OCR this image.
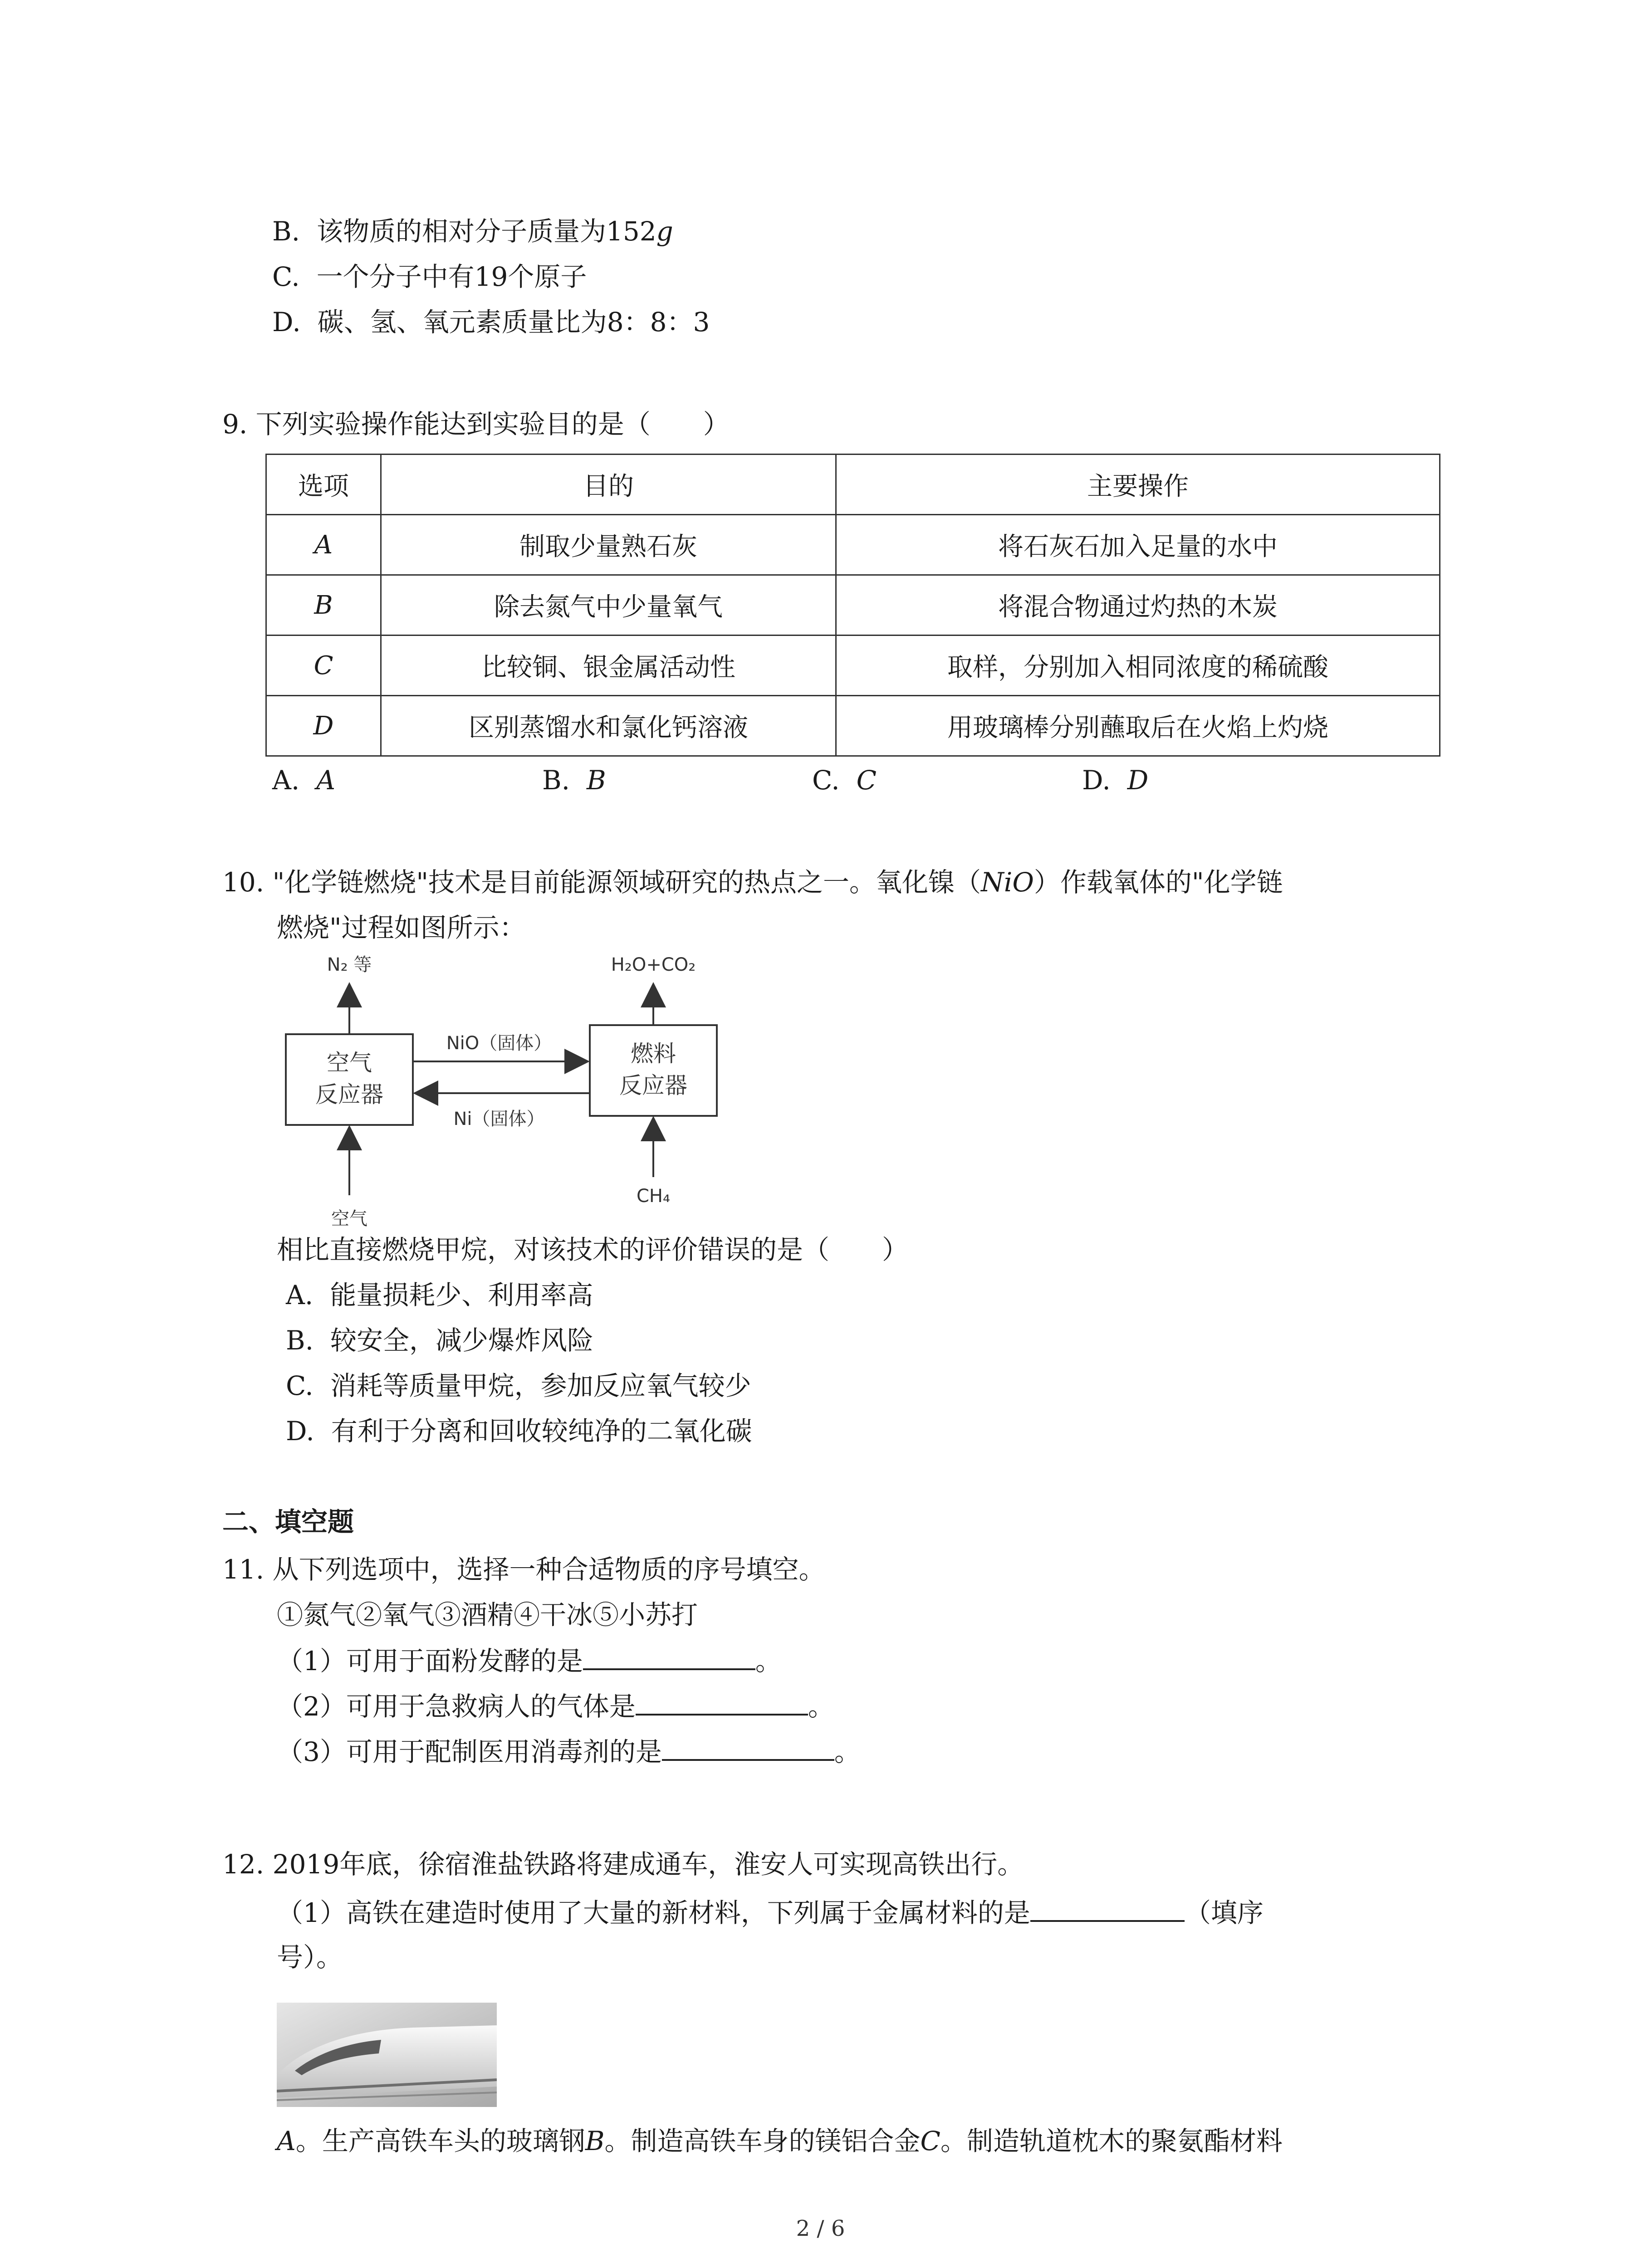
B. 该物质的相对分子质量为152g
C. 一个分子中有19个原子
D. 碳、氢、氧元素质量比为8：8：3
9. 下列实验操作能达到实验目的是（　　）
选项	目的	主要操作
A	制取少量熟石灰	将石灰石加入足量的水中
B	除去氮气中少量氧气	将混合物通过灼热的木炭
C	比较铜、银金属活动性	取样，分别加入相同浓度的稀硫酸
D	区别蒸馏水和氯化钙溶液	用玻璃棒分别蘸取后在火焰上灼烧
A. A	B. B	C. C	D. D
10. "化学链燃烧"技术是目前能源领域研究的热点之一。氧化镍（NiO）作载氧体的"化学链
燃烧"过程如图所示：
空气
反应器
燃料
反应器
NiO（固体）
Ni（固体）
N₂ 等	H₂O+CO₂
空气
CH₄
相比直接燃烧甲烷，对该技术的评价错误的是（　　）
A. 能量损耗少、利用率高
B. 较安全，减少爆炸风险
C. 消耗等质量甲烷，参加反应氧气较少
D. 有利于分离和回收较纯净的二氧化碳
二、填空题
11. 从下列选项中，选择一种合适物质的序号填空。
①氮气②氧气③酒精④干冰⑤小苏打
（1）可用于面粉发酵的是	。
（2）可用于急救病人的气体是	。
（3）可用于配制医用消毒剂的是	。
12. 2019年底，徐宿淮盐铁路将建成通车，淮安人可实现高铁出行。
（1）高铁在建造时使用了大量的新材料，下列属于金属材料的是	（填序
号）。
A。生产高铁车头的玻璃钢B。制造高铁车身的镁铝合金C。制造轨道枕木的聚氨酯材料
2 / 6
